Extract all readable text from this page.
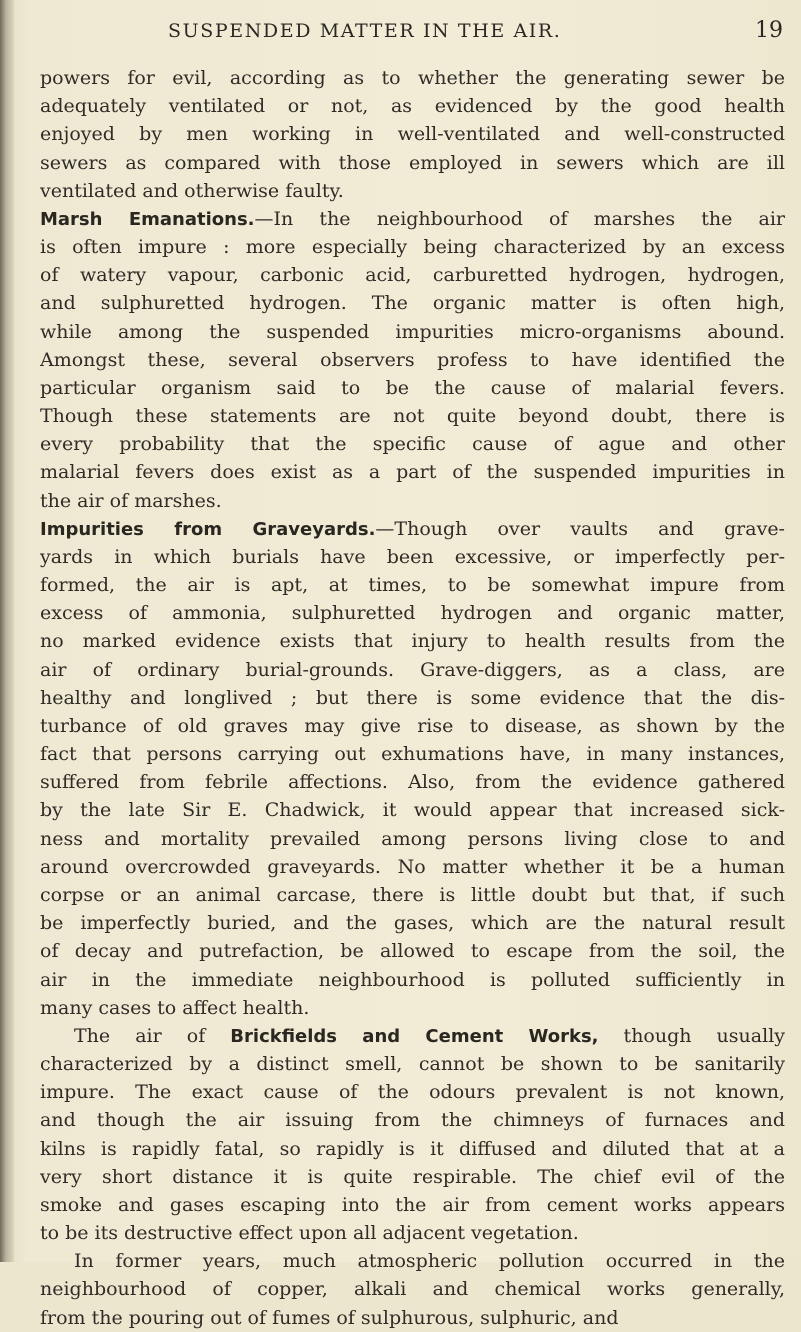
SUSPENDED MATTER IN THE AIR.	19
powers for evil, according as to whether the generating sewer be
adequately ventilated or not, as evidenced by the good health
enjoyed by men working in well-ventilated and well-constructed
sewers as compared with those employed in sewers which are ill
ventilated and otherwise faulty.
Marsh Emanations.—In the neighbourhood of marshes the air
is often impure : more especially being characterized by an excess
of watery vapour, carbonic acid, carburetted hydrogen, hydrogen,
and sulphuretted hydrogen. The organic matter is often high,
while among the suspended impurities micro-organisms abound.
Amongst these, several observers profess to have identified the
particular organism said to be the cause of malarial fevers.
Though these statements are not quite beyond doubt, there is
every probability that the specific cause of ague and other
malarial fevers does exist as a part of the suspended impurities in
the air of marshes.
Impurities from Graveyards.—Though over vaults and grave-
yards in which burials have been excessive, or imperfectly per-
formed, the air is apt, at times, to be somewhat impure from
excess of ammonia, sulphuretted hydrogen and organic matter,
no marked evidence exists that injury to health results from the
air of ordinary burial-grounds. Grave-diggers, as a class, are
healthy and longlived ; but there is some evidence that the dis-
turbance of old graves may give rise to disease, as shown by the
fact that persons carrying out exhumations have, in many instances,
suffered from febrile affections. Also, from the evidence gathered
by the late Sir E. Chadwick, it would appear that increased sick-
ness and mortality prevailed among persons living close to and
around overcrowded graveyards. No matter whether it be a human
corpse or an animal carcase, there is little doubt but that, if such
be imperfectly buried, and the gases, which are the natural result
of decay and putrefaction, be allowed to escape from the soil, the
air in the immediate neighbourhood is polluted sufficiently in
many cases to affect health.
The air of Brickfields and Cement Works, though usually
characterized by a distinct smell, cannot be shown to be sanitarily
impure. The exact cause of the odours prevalent is not known,
and though the air issuing from the chimneys of furnaces and
kilns is rapidly fatal, so rapidly is it diffused and diluted that at a
very short distance it is quite respirable. The chief evil of the
smoke and gases escaping into the air from cement works appears
to be its destructive effect upon all adjacent vegetation.
In former years, much atmospheric pollution occurred in the
neighbourhood of copper, alkali and chemical works generally,
from the pouring out of fumes of sulphurous, sulphuric, and
